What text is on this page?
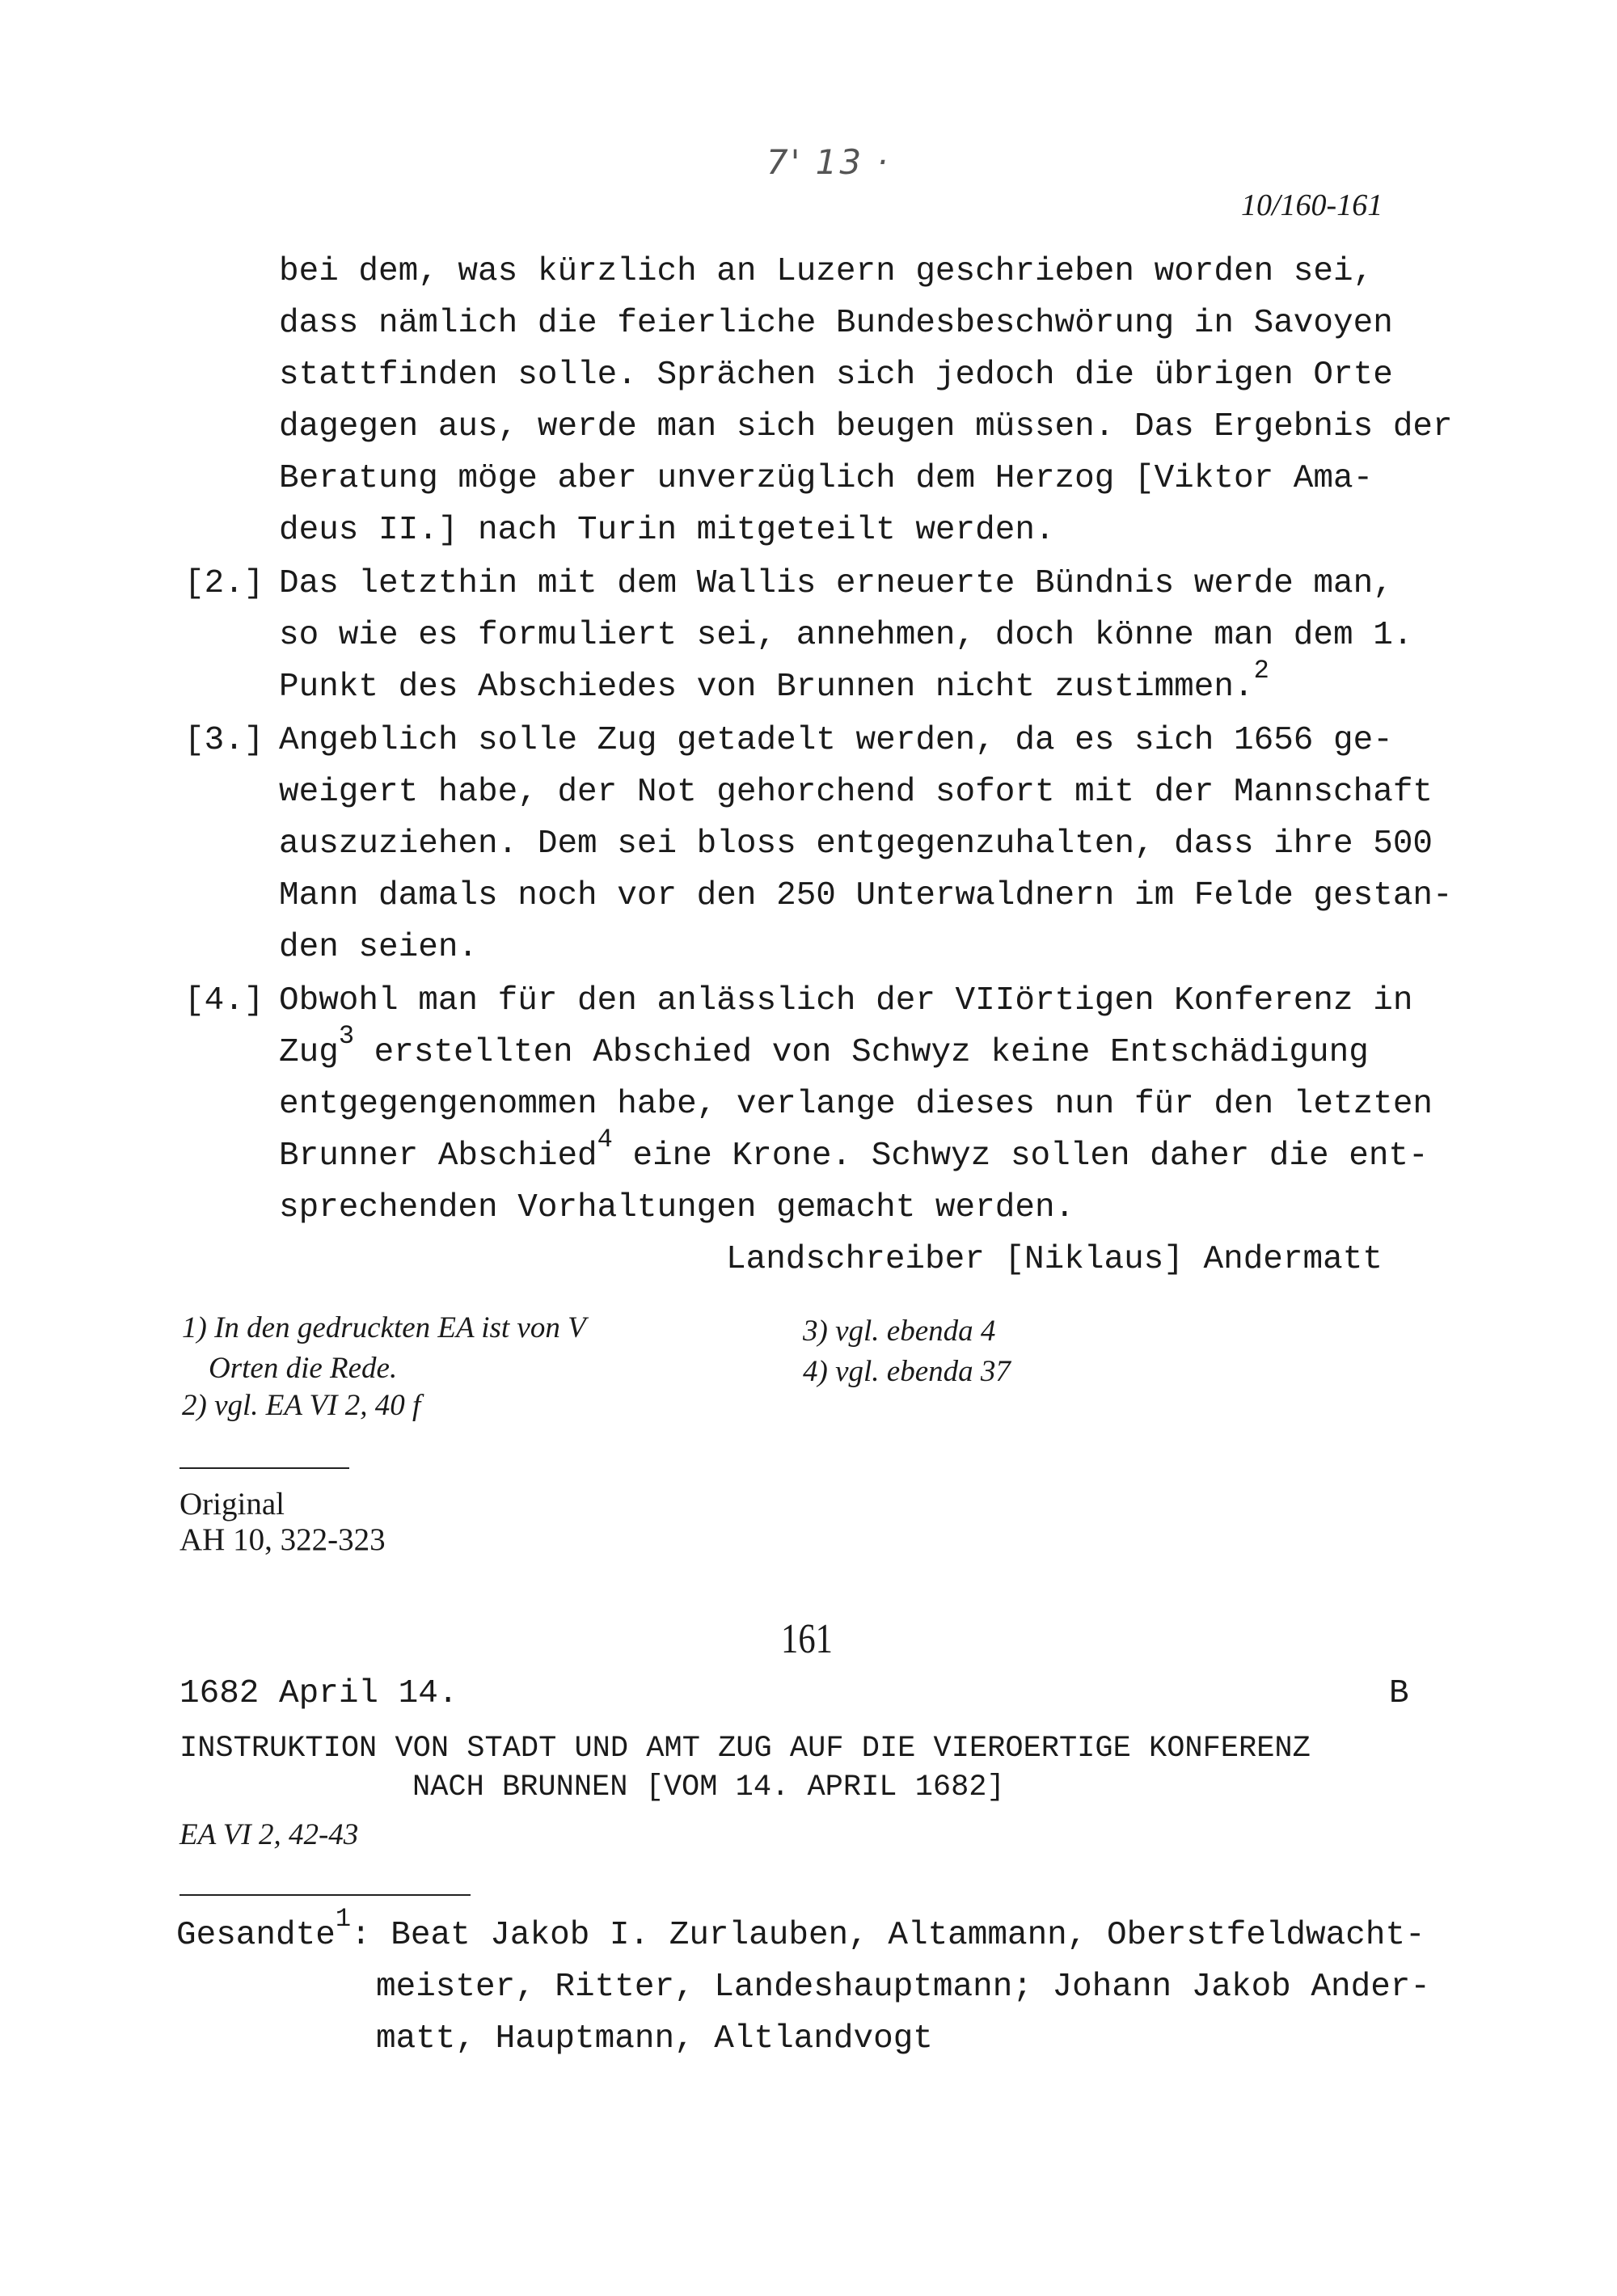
7' 13 ·
10/160-161
bei dem, was kürzlich an Luzern geschrieben worden sei,
dass nämlich die feierliche Bundesbeschwörung in Savoyen
stattfinden solle. Sprächen sich jedoch die übrigen Orte
dagegen aus, werde man sich beugen müssen. Das Ergebnis der
Beratung möge aber unverzüglich dem Herzog [Viktor Ama-
deus II.] nach Turin mitgeteilt werden.
[2.] Das letzthin mit dem Wallis erneuerte Bündnis werde man,
so wie es formuliert sei, annehmen, doch könne man dem 1.
Punkt des Abschiedes von Brunnen nicht zustimmen.$^2$
[3.] Angeblich solle Zug getadelt werden, da es sich 1656 ge-
weigert habe, der Not gehorchend sofort mit der Mannschaft
auszuziehen. Dem sei bloss entgegenzuhalten, dass ihre 500
Mann damals noch vor den 250 Unterwaldnern im Felde gestan-
den seien.
[4.] Obwohl man für den anlässlich der VIIörtigen Konferenz in
Zug$^3$ erstellten Abschied von Schwyz keine Entschädigung
entgegengenommen habe, verlange dieses nun für den letzten
Brunner Abschied$^4$ eine Krone. Schwyz sollen daher die ent-
sprechenden Vorhaltungen gemacht werden.
Landschreiber [Niklaus] Andermatt
1) In den gedruckten EA ist von V
Orten die Rede.
2) vgl. EA VI 2, 40 f
3) vgl. ebenda 4
4) vgl. ebenda 37
Original
AH 10, 322-323
161
1682 April 14.	B
INSTRUKTION VON STADT UND AMT ZUG AUF DIE VIEROERTIGE KONFERENZ
NACH BRUNNEN [VOM 14. APRIL 1682]
EA VI 2, 42-43
Gesandte$^1$: Beat Jakob I. Zurlauben, Altammann, Oberstfeldwacht-
meister, Ritter, Landeshauptmann; Johann Jakob Ander-
matt, Hauptmann, Altlandvogt
